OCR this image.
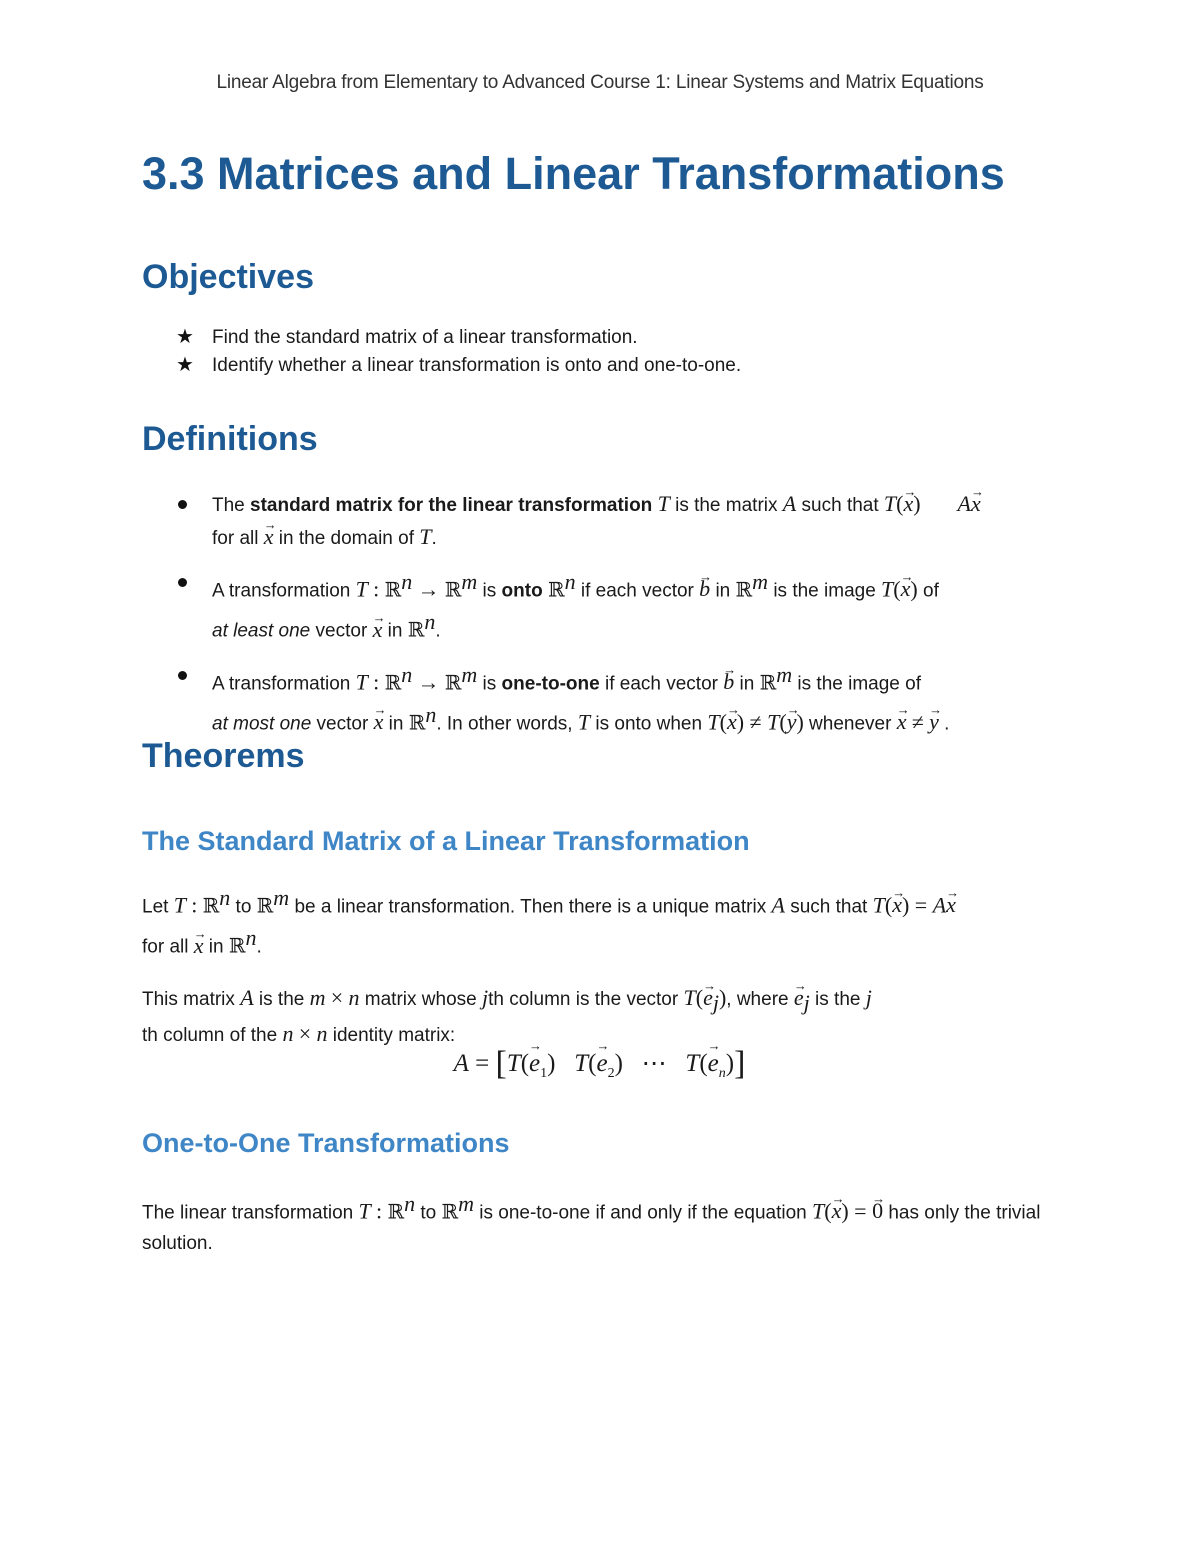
Linear Algebra from Elementary to Advanced Course 1: Linear Systems and Matrix Equations
3.3 Matrices and Linear Transformations
Objectives
★ Find the standard matrix of a linear transformation.
★ Identify whether a linear transformation is onto and one-to-one.
Definitions
The standard matrix for the linear transformation T is the matrix A such that T(→ x) A→ x
for all → x in the domain of T.
A transformation T : ℝ$^n$ → ℝ$^m$ is onto ℝ$^n$ if each vector → b in ℝ$^m$ is the image T(→ x) of
at least one vector → x in ℝ$^n$.
A transformation T : ℝ$^n$ → ℝ$^m$ is one-to-one if each vector → b in ℝ$^m$ is the image of
at most one vector → x in ℝ$^n$. In other words, T is onto when T(→ x) ≠ T(→ y) whenever → x ≠ → y .
Theorems
The Standard Matrix of a Linear Transformation
Let T : ℝ$^n$ to ℝ$^m$ be a linear transformation. Then there is a unique matrix A such that T(→ x) = A→ x
for all → x in ℝ$^n$.
This matrix A is the m × n matrix whose jth column is the vector $T(\to e_j)$, where → $e_j$ is the j
th column of the n × n identity matrix:
$A = [T(\to e_1)$   $T(\to e_2)$   ⋯   $T(\to e_n)$]
One-to-One Transformations
The linear transformation T : ℝ$^n$ to ℝ$^m$ is one-to-one if and only if the equation T(→ x) = → 0 has only the trivial solution.
